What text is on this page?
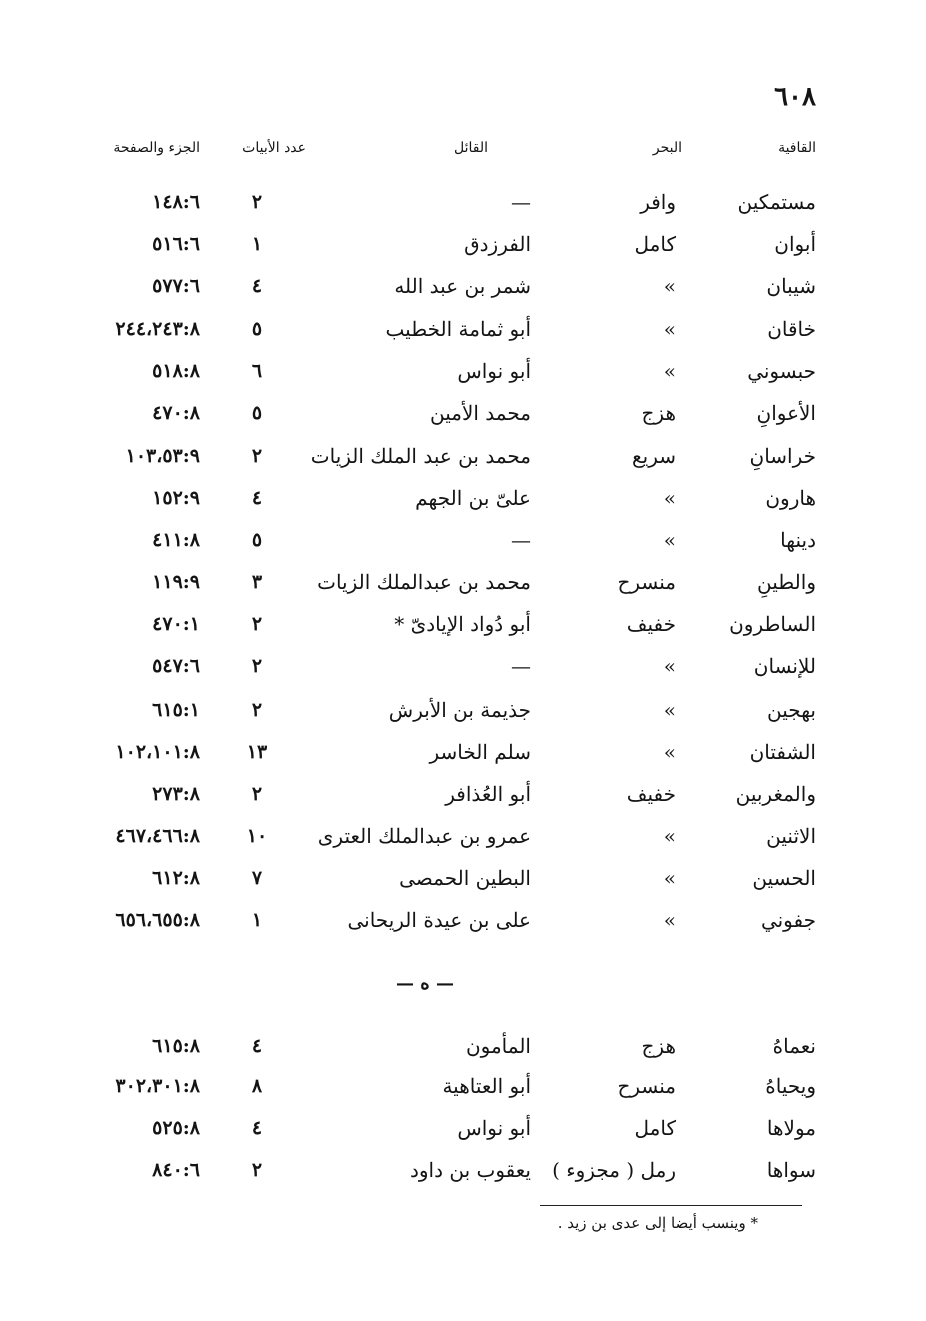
٦٠٨
القافية
البحر
القائل
عدد الأبيات
الجزء والصفحة
مستمكين
وافر
—
٢
١٤٨:٦
أبوان
كامل
الفرزدق
١
٥١٦:٦
شيبان
»
شمر بن عبد الله
٤
٥٧٧:٦
خاقان
»
أبو ثمامة الخطيب
٥
٢٤٤،٢٤٣:٨
حبسوني
»
أبو نواس
٦
٥١٨:٨
الأعوانِ
هزج
محمد الأمين
٥
٤٧٠:٨
خراسانِ
سريع
محمد بن عبد الملك الزيات
٢
١٠٣،٥٣:٩
هارون
»
علىّ بن الجهم
٤
١٥٢:٩
دينها
»
—
٥
٤١١:٨
والطينِ
منسرح
محمد بن عبدالملك الزيات
٣
١١٩:٩
الساطرون
خفيف
أبو دُواد الإيادىّ *
٢
٤٧٠:١
للإنسان
»
—
٢
٥٤٧:٦
بهجين
»
جذيمة بن الأبرش
٢
٦١٥:١
الشفتان
»
سلم الخاسر
١٣
١٠٢،١٠١:٨
والمغربين
خفيف
أبو العُذافر
٢
٢٧٣:٨
الاثنين
»
عمرو بن عبدالملك العترى
١٠
٤٦٧،٤٦٦:٨
الحسين
»
البطين الحمصى
٧
٦١٢:٨
جفوني
»
على بن عيدة الريحانى
١
٦٥٦،٦٥٥:٨
— ه —
نعماهُ
هزج
المأمون
٤
٦١٥:٨
ويحياهُ
منسرح
أبو العتاهية
٨
٣٠٢،٣٠١:٨
مولاها
كامل
أبو نواس
٤
٥٢٥:٨
سواها
رمل ( مجزوء )
يعقوب بن داود
٢
٨٤٠:٦
* وينسب أيضا إلى عدى بن زيد .
